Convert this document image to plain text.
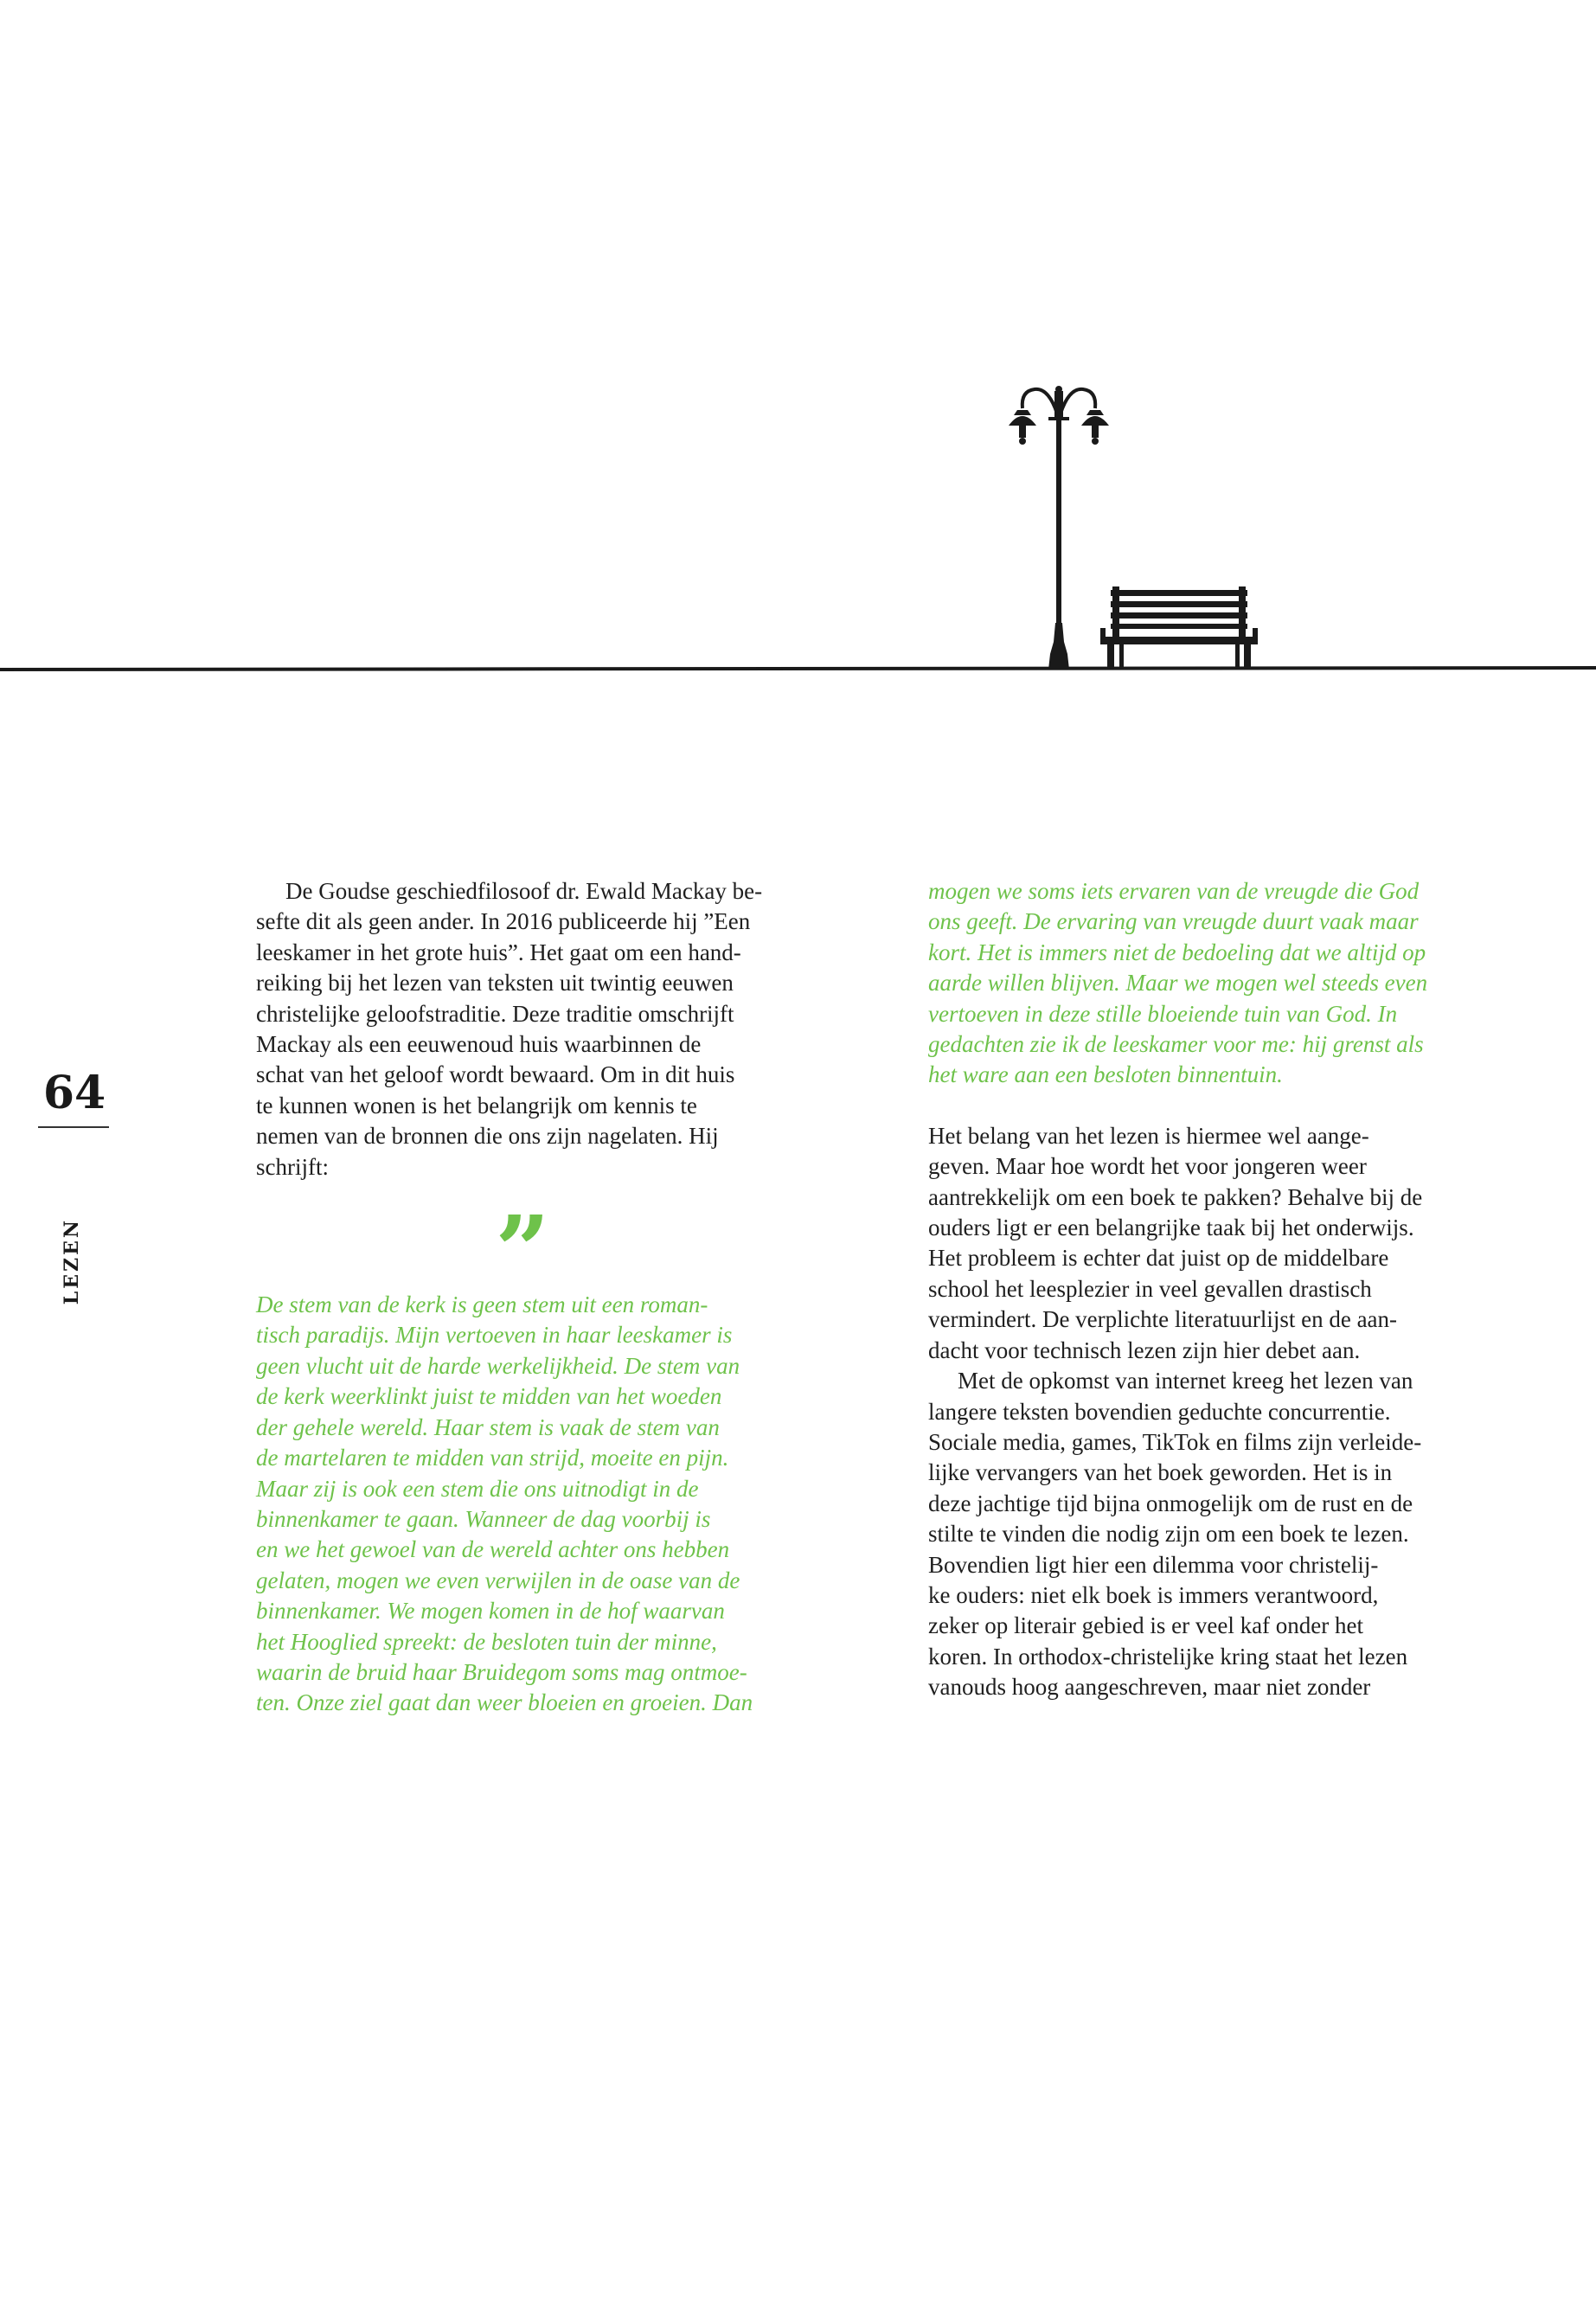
64
LEZEN

De Goudse geschiedfilosoof dr. Ewald Mackay be-
sefte dit als geen ander. In 2016 publiceerde hij ”Een
leeskamer in het grote huis”. Het gaat om een hand-
reiking bij het lezen van teksten uit twintig eeuwen
christelijke geloofstraditie. Deze traditie omschrijft
Mackay als een eeuwenoud huis waarbinnen de
schat van het geloof wordt bewaard. Om in dit huis
te kunnen wonen is het belangrijk om kennis te
nemen van de bronnen die ons zijn nagelaten. Hij
schrijft:

”

De stem van de kerk is geen stem uit een roman-
tisch paradijs. Mijn vertoeven in haar leeskamer is
geen vlucht uit de harde werkelijkheid. De stem van
de kerk weerklinkt juist te midden van het woeden
der gehele wereld. Haar stem is vaak de stem van
de martelaren te midden van strijd, moeite en pijn.
Maar zij is ook een stem die ons uitnodigt in de
binnenkamer te gaan. Wanneer de dag voorbij is
en we het gewoel van de wereld achter ons hebben
gelaten, mogen we even verwijlen in de oase van de
binnenkamer. We mogen komen in de hof waarvan
het Hooglied spreekt: de besloten tuin der minne,
waarin de bruid haar Bruidegom soms mag ontmoe-
ten. Onze ziel gaat dan weer bloeien en groeien. Dan

mogen we soms iets ervaren van de vreugde die God
ons geeft. De ervaring van vreugde duurt vaak maar
kort. Het is immers niet de bedoeling dat we altijd op
aarde willen blijven. Maar we mogen wel steeds even
vertoeven in deze stille bloeiende tuin van God. In
gedachten zie ik de leeskamer voor me: hij grenst als
het ware aan een besloten binnentuin.

Het belang van het lezen is hiermee wel aange-
geven. Maar hoe wordt het voor jongeren weer
aantrekkelijk om een boek te pakken? Behalve bij de
ouders ligt er een belangrijke taak bij het onderwijs.
Het probleem is echter dat juist op de middelbare
school het leesplezier in veel gevallen drastisch
vermindert. De verplichte literatuurlijst en de aan-
dacht voor technisch lezen zijn hier debet aan.

Met de opkomst van internet kreeg het lezen van
langere teksten bovendien geduchte concurrentie.
Sociale media, games, TikTok en films zijn verleide-
lijke vervangers van het boek geworden. Het is in
deze jachtige tijd bijna onmogelijk om de rust en de
stilte te vinden die nodig zijn om een boek te lezen.
Bovendien ligt hier een dilemma voor christelij-
ke ouders: niet elk boek is immers verantwoord,
zeker op literair gebied is er veel kaf onder het
koren. In orthodox-christelijke kring staat het lezen
vanouds hoog aangeschreven, maar niet zonder
